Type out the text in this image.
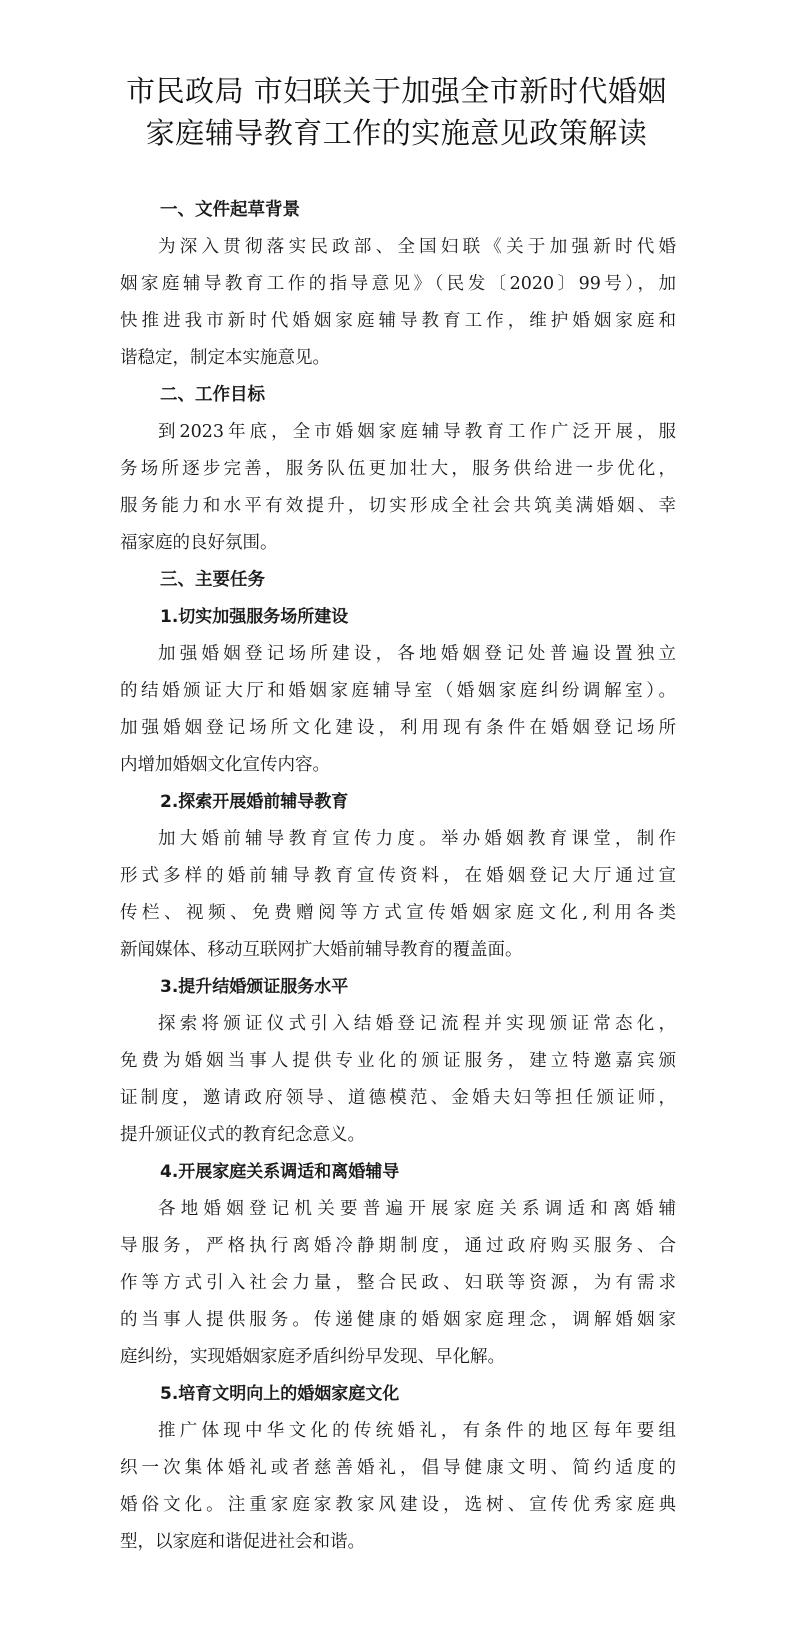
市民政局 市妇联关于加强全市新时代婚姻
家庭辅导教育工作的实施意见政策解读
一、文件起草背景
为深入贯彻落实民政部、全国妇联《关于加强新时代婚
姻家庭辅导教育工作的指导意见》（民发〔2020〕99号），加
快推进我市新时代婚姻家庭辅导教育工作，维护婚姻家庭和
谐稳定，制定本实施意见。
二、工作目标
到2023年底，全市婚姻家庭辅导教育工作广泛开展，服
务场所逐步完善，服务队伍更加壮大，服务供给进一步优化，
服务能力和水平有效提升，切实形成全社会共筑美满婚姻、幸
福家庭的良好氛围。
三、主要任务
1.切实加强服务场所建设
加强婚姻登记场所建设，各地婚姻登记处普遍设置独立
的结婚颁证大厅和婚姻家庭辅导室（婚姻家庭纠纷调解室）。
加强婚姻登记场所文化建设，利用现有条件在婚姻登记场所
内增加婚姻文化宣传内容。
2.探索开展婚前辅导教育
加大婚前辅导教育宣传力度。举办婚姻教育课堂，制作
形式多样的婚前辅导教育宣传资料，在婚姻登记大厅通过宣
传栏、视频、免费赠阅等方式宣传婚姻家庭文化,利用各类
新闻媒体、移动互联网扩大婚前辅导教育的覆盖面。
3.提升结婚颁证服务水平
探索将颁证仪式引入结婚登记流程并实现颁证常态化，
免费为婚姻当事人提供专业化的颁证服务，建立特邀嘉宾颁
证制度，邀请政府领导、道德模范、金婚夫妇等担任颁证师，
提升颁证仪式的教育纪念意义。
4.开展家庭关系调适和离婚辅导
各地婚姻登记机关要普遍开展家庭关系调适和离婚辅
导服务，严格执行离婚冷静期制度，通过政府购买服务、合
作等方式引入社会力量，整合民政、妇联等资源，为有需求
的当事人提供服务。传递健康的婚姻家庭理念，调解婚姻家
庭纠纷，实现婚姻家庭矛盾纠纷早发现、早化解。
5.培育文明向上的婚姻家庭文化
推广体现中华文化的传统婚礼，有条件的地区每年要组
织一次集体婚礼或者慈善婚礼，倡导健康文明、简约适度的
婚俗文化。注重家庭家教家风建设，选树、宣传优秀家庭典
型，以家庭和谐促进社会和谐。
